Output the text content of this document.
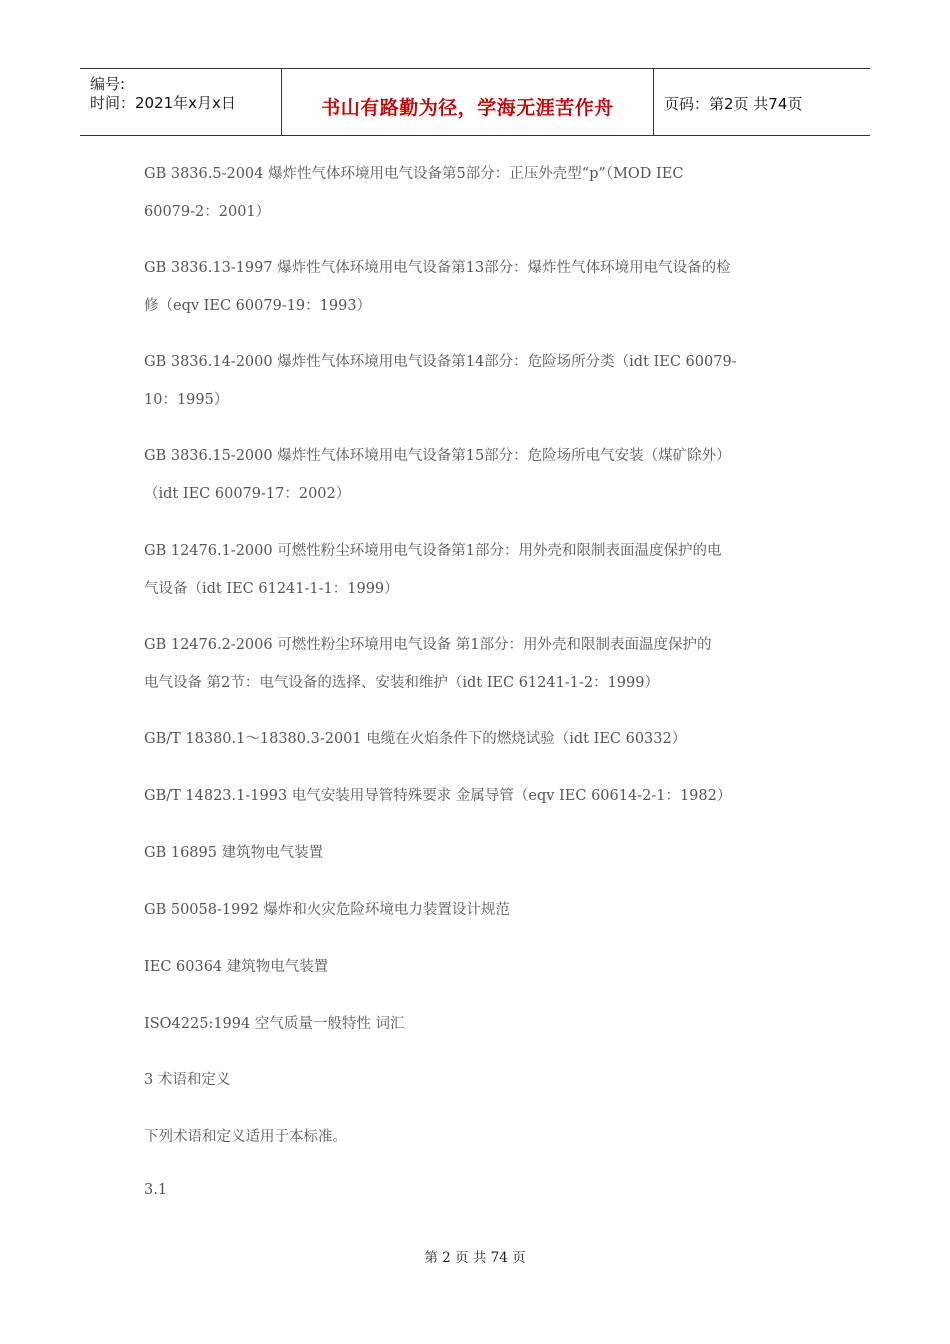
编号:
时间：2021年x月x日	书山有路勤为径，学海无涯苦作舟	页码：第2页 共74页
GB 3836.5-2004 爆炸性气体环境用电气设备第5部分：正压外壳型“p”（MOD IEC
60079-2：2001）
GB 3836.13-1997 爆炸性气体环境用电气设备第13部分：爆炸性气体环境用电气设备的检
修（eqv IEC 60079-19：1993）
GB 3836.14-2000 爆炸性气体环境用电气设备第14部分：危险场所分类（idt IEC 60079-
10：1995）
GB 3836.15-2000 爆炸性气体环境用电气设备第15部分：危险场所电气安装（煤矿除外）
（idt IEC 60079-17：2002）
GB 12476.1-2000 可燃性粉尘环境用电气设备第1部分：用外壳和限制表面温度保护的电
气设备（idt IEC 61241-1-1：1999）
GB 12476.2-2006 可燃性粉尘环境用电气设备 第1部分：用外壳和限制表面温度保护的
电气设备 第2节：电气设备的选择、安装和维护（idt IEC 61241-1-2：1999）
GB/T 18380.1～18380.3-2001 电缆在火焰条件下的燃烧试验（idt IEC 60332）
GB/T 14823.1-1993 电气安装用导管特殊要求 金属导管（eqv IEC 60614-2-1：1982）
GB 16895 建筑物电气装置
GB 50058-1992 爆炸和火灾危险环境电力装置设计规范
IEC 60364 建筑物电气装置
ISO4225:1994 空气质量一般特性 词汇
3 术语和定义
下列术语和定义适用于本标准。
3.1
第 2 页 共 74 页
